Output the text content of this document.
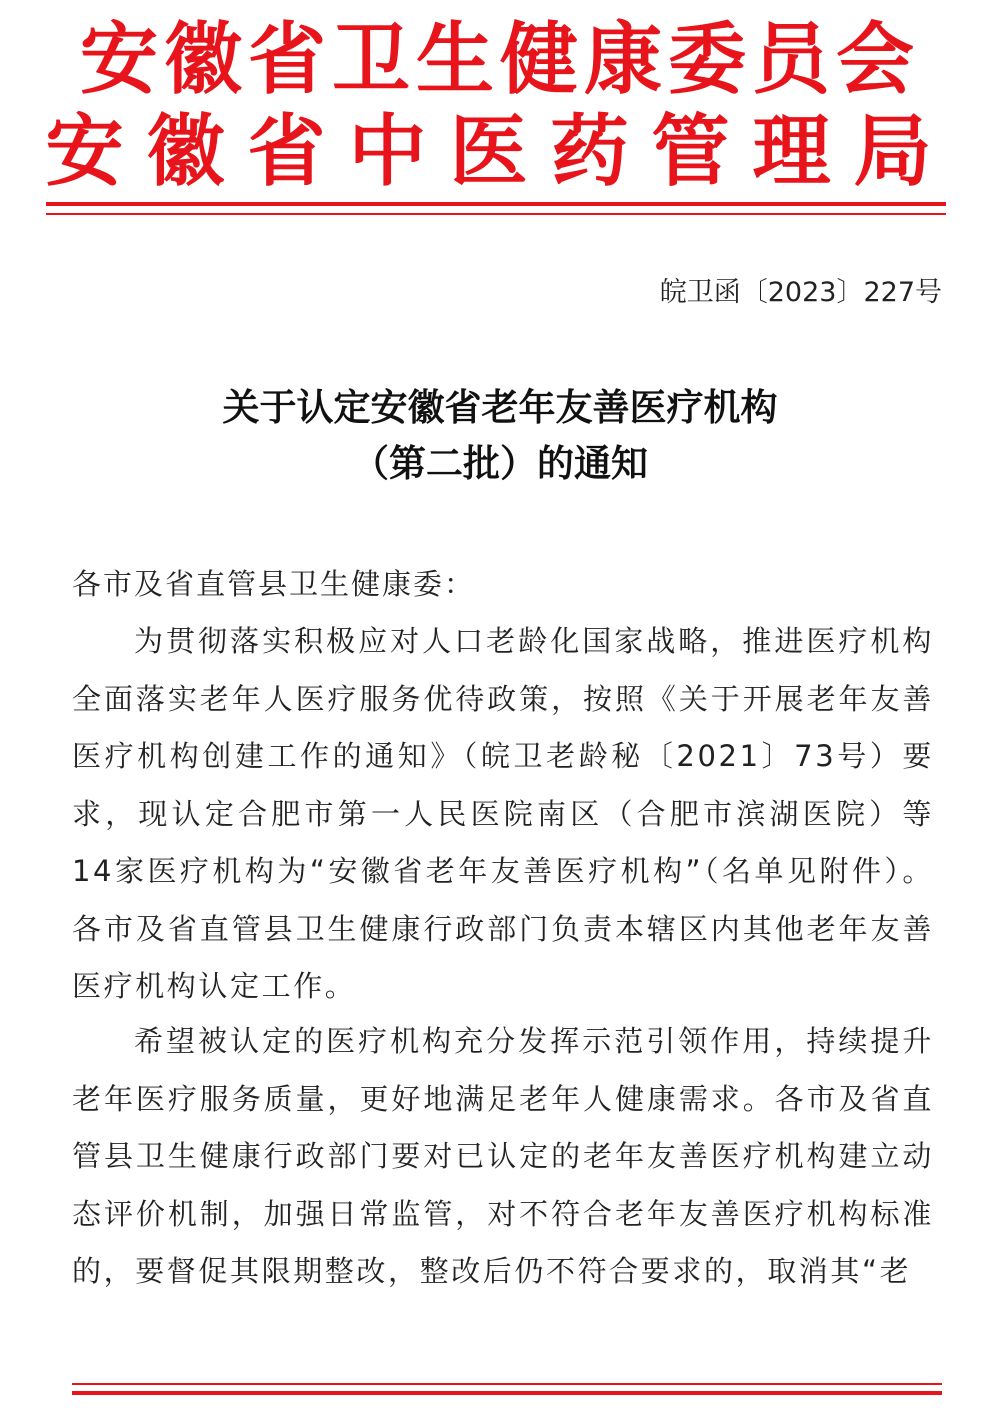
安徽省卫生健康委员会
安徽省中医药管理局
皖卫函〔2023〕227号
关于认定安徽省老年友善医疗机构
（第二批）的通知
各市及省直管县卫生健康委：
为贯彻落实积极应对人口老龄化国家战略，推进医疗机构全面落实老年人医疗服务优待政策，按照《关于开展老年友善医疗机构创建工作的通知》（皖卫老龄秘〔2021〕73号）要求，现认定合肥市第一人民医院南区（合肥市滨湖医院）等14家医疗机构为“安徽省老年友善医疗机构”（名单见附件）。各市及省直管县卫生健康行政部门负责本辖区内其他老年友善医疗机构认定工作。
希望被认定的医疗机构充分发挥示范引领作用，持续提升老年医疗服务质量，更好地满足老年人健康需求。各市及省直管县卫生健康行政部门要对已认定的老年友善医疗机构建立动态评价机制，加强日常监管，对不符合老年友善医疗机构标准的，要督促其限期整改，整改后仍不符合要求的，取消其“老
